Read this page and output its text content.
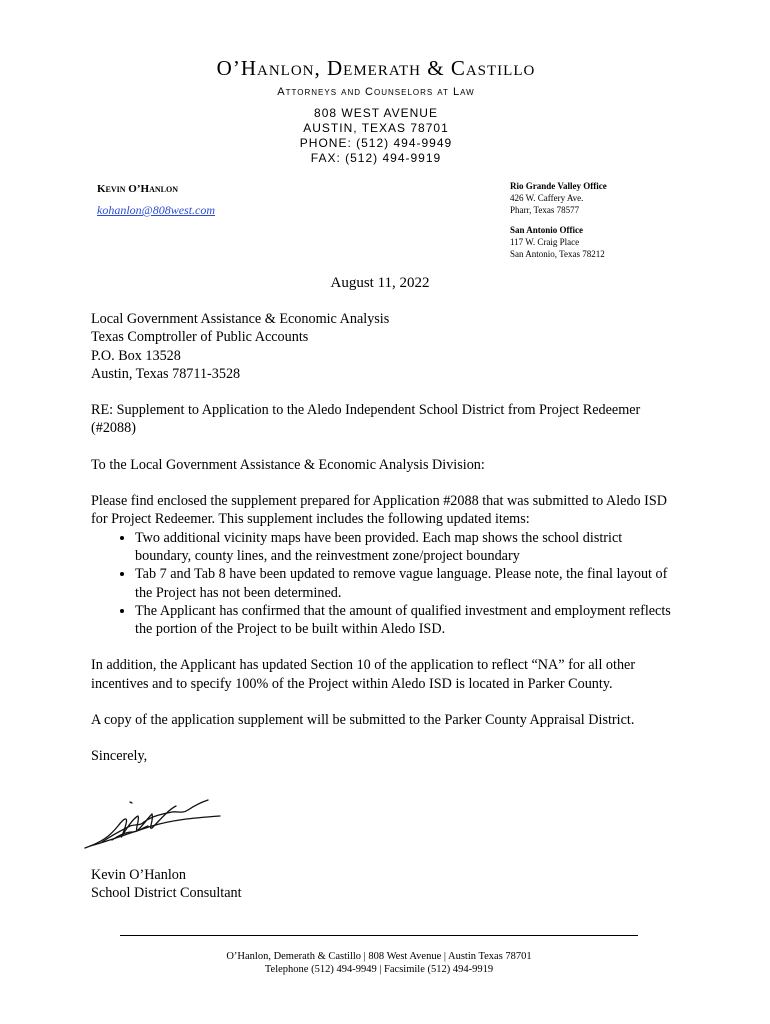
O’Hanlon, Demerath & Castillo
Attorneys and Counselors at Law
808 WEST AVENUE
AUSTIN, TEXAS 78701
PHONE: (512) 494-9949
FAX: (512) 494-9919
Kevin O’Hanlon
kohanlon@808west.com
Rio Grande Valley Office
426 W. Caffery Ave.
Pharr, Texas 78577
San Antonio Office
117 W. Craig Place
San Antonio, Texas 78212
August 11, 2022

Local Government Assistance & Economic Analysis

Texas Comptroller of Public Accounts

P.O. Box 13528

Austin, Texas 78711-3528

RE: Supplement to Application to the Aledo Independent School District from Project Redeemer (#2088)

To the Local Government Assistance & Economic Analysis Division:

Please find enclosed the supplement prepared for Application #2088 that was submitted to Aledo ISD for Project Redeemer. This supplement includes the following updated items:

• Two additional vicinity maps have been provided. Each map shows the school district boundary, county lines, and the reinvestment zone/project boundary
• Tab 7 and Tab 8 have been updated to remove vague language. Please note, the final layout of the Project has not been determined.
• The Applicant has confirmed that the amount of qualified investment and employment reflects the portion of the Project to be built within Aledo ISD.

In addition, the Applicant has updated Section 10 of the application to reflect “NA” for all other incentives and to specify 100% of the Project within Aledo ISD is located in Parker County.

A copy of the application supplement will be submitted to the Parker County Appraisal District.

Sincerely,

Kevin O’Hanlon
School District Consultant
O’Hanlon, Demerath & Castillo | 808 West Avenue | Austin Texas 78701
Telephone (512) 494-9949 | Facsimile (512) 494-9919
